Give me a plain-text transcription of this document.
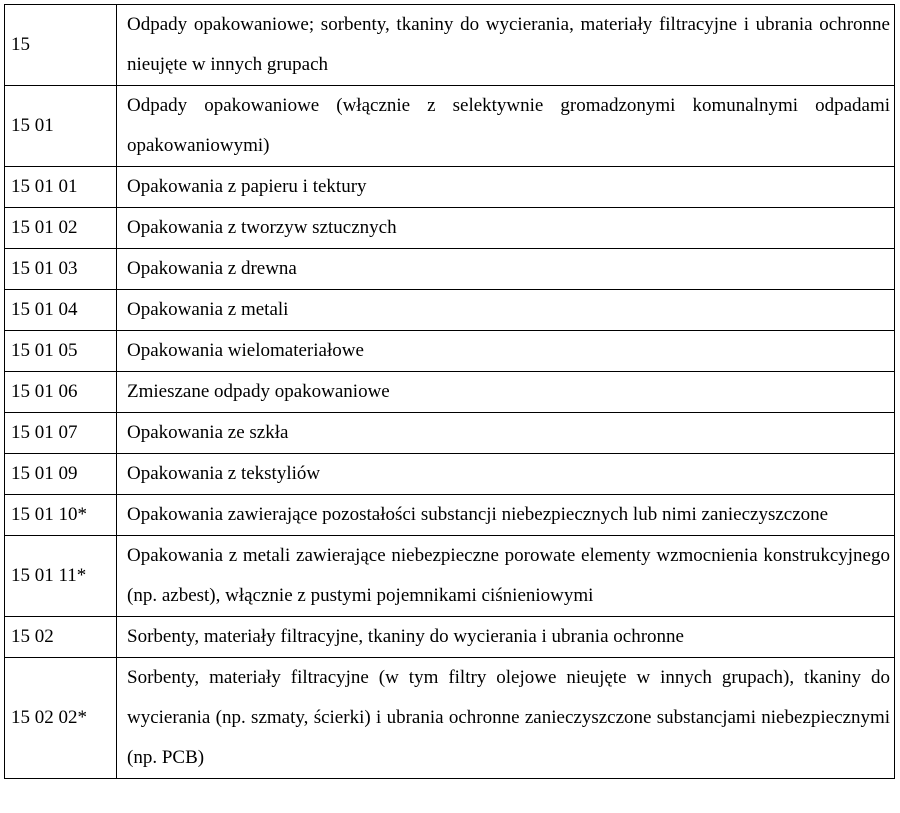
15	Odpady opakowaniowe; sorbenty, tkaniny do wycierania, materiały filtracyjne i ubrania ochronne nieujęte w innych grupach

15 01	Odpady opakowaniowe (włącznie z selektywnie gromadzonymi komunalnymi odpadami opakowaniowymi)

15 01 01	Opakowania z papieru i tektury

15 01 02	Opakowania z tworzyw sztucznych

15 01 03	Opakowania z drewna

15 01 04	Opakowania z metali

15 01 05	Opakowania wielomateriałowe

15 01 06	Zmieszane odpady opakowaniowe

15 01 07	Opakowania ze szkła

15 01 09	Opakowania z tekstyliów

15 01 10*	Opakowania zawierające pozostałości substancji niebezpiecznych lub nimi zanieczyszczone

15 01 11*	Opakowania z metali zawierające niebezpieczne porowate elementy wzmocnienia konstrukcyjnego (np. azbest), włącznie z pustymi pojemnikami ciśnieniowymi

15 02	Sorbenty, materiały filtracyjne, tkaniny do wycierania i ubrania ochronne

15 02 02*	Sorbenty, materiały filtracyjne (w tym filtry olejowe nieujęte w innych grupach), tkaniny do wycierania (np. szmaty, ścierki) i ubrania ochronne zanieczyszczone substancjami niebezpiecznymi (np. PCB)
